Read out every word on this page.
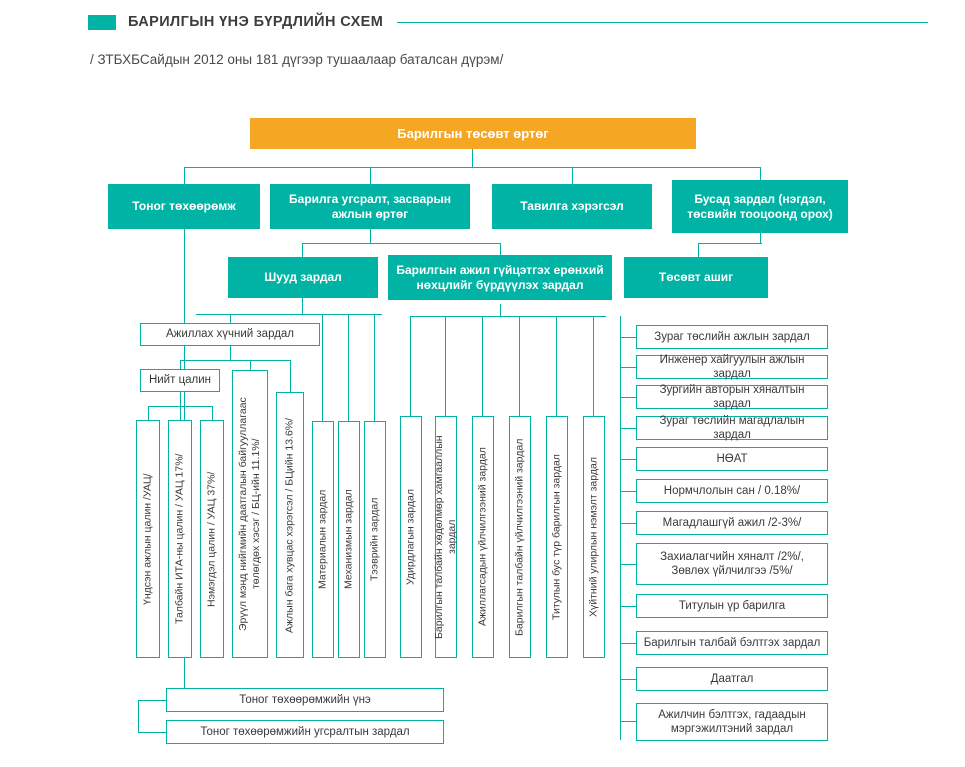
БАРИЛГЫН ҮНЭ БҮРДЛИЙН СХЕМ
/ ЗТБХБСайдын 2012 оны 181 дүгээр тушаалаар баталсан дүрэм/
Барилгын төсөвт өртөг
Тоног төхөөрөмж
Барилга угсралт, засварын ажлын өртөг
Тавилга хэрэгсэл
Бусад зардал (нэгдэл, төсвийн тооцоонд орох)
Шууд зардал
Барилгын ажил гүйцэтгэх ерөнхий нөхцлийг бүрдүүлэх зардал
Төсөвт ашиг
Ажиллах хүчний зардал
Нийт цалин
Үндсэн ажлын цалин /УАЦ/	Талбайн ИТА-ны цалин / УАЦ 17%/	Нэмэгдэл цалин / УАЦ 37%/	Эрүүл мэнд нийгмийн даатгалын байгууллагаас төлөгдөх хэсэг / БЦ-ийн 11.1%/	Ажлын бага хувцас хэрэгсэл / БЦийн 13.6%/	Материалын зардал	Механизмын зардал	Тээврийн зардал	Удирдлагын зардал	Барилгын талбайн хөдөлмөр хамгааллын зардал	Ажиллагсадын үйлчилгээний зардал	Барилгын талбайн үйлчилгээний зардал	Титулын бус түр барилгын зардал	Хүйтний улирлын нэмэлт зардал
Зураг төслийн ажлын зардал
Инженер хайгуулын ажлын зардал
Зургийн авторын хяналтын зардал
Зураг төслийн магадлалын зардал
НӨАТ
Нормчлолын сан / 0.18%/
Магадлашгүй ажил /2-3%/
Захиалагчийн хяналт /2%/, Зөвлөх үйлчилгээ /5%/
Титулын үр барилга
Барилгын талбай бэлтгэх зардал
Даатгал
Ажилчин бэлтгэх, гадаадын мэргэжилтэний зардал
Тоног төхөөрөмжийн үнэ
Тоног төхөөрөмжийн угсралтын зардал
